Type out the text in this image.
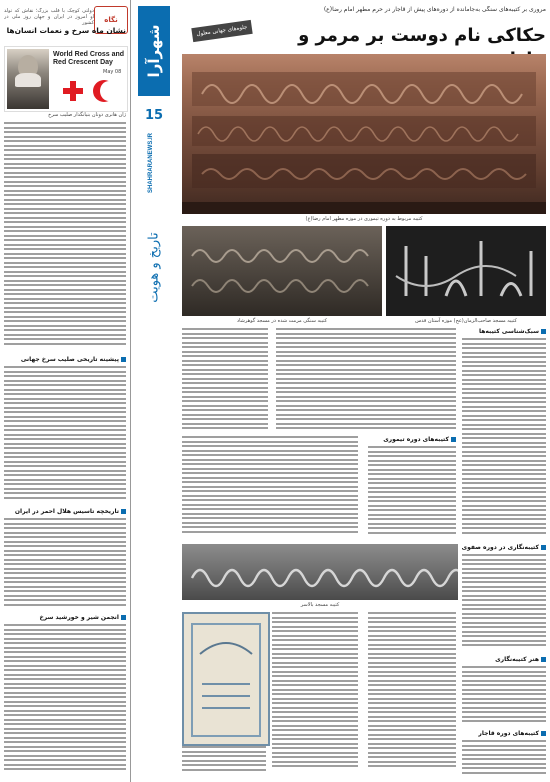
نگاه
دولتی کوچک با قلب بزرگ؛ نقاش که تولد او امروز در ایران و جهان روز ملی در کشور
نشان ماه سرخ و نعمات انسان‌ها
World Red Cross and Red Crescent Day
May 08
ژان هانری دونان بنیانگذار صلیب سرخ
پیشینه تاریخی صلیب سرخ جهانی
تاریخچه تاسیس هلال احمر در ایران
انجمن شیر و خورشید سرخ
شهرآرا
15
SHAHRARANEWS.IR
تاریخ و هویت
مروری بر کتیبه‌های سنگی به‌جامانده از دوره‌های پیش از قاجار در حرم مطهر امام رضا(ع)
جلوه‌های جهانی معلول	حکاکی نام دوست بر مرمر و
کتیبه مربوط به دوره تیموری در موزه مطهر امام رضا(ع)
کتیبه سنگی مرمت شده در مسجد گوهرشاد	کتیبه مسجد صاحب‌الزمان(عج) موزه آستان قدس
سبک‌شناسی کتیبه‌ها
کتیبه‌های دوره تیموری
کتیبه مسجد بالاسر
کتیبه‌نگاری در دوره صفوی
هنر کتیبه‌نگاری
کتیبه‌های دوره قاجار
